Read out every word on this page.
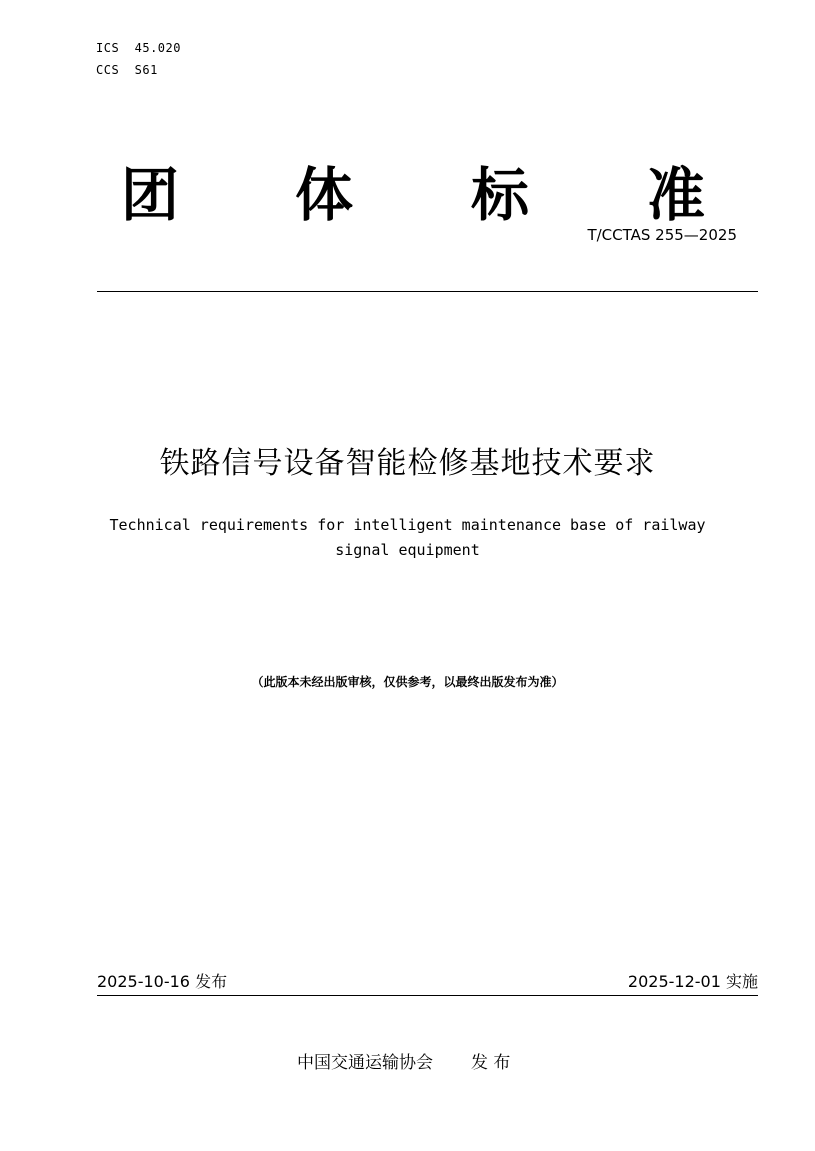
ICS  45.020
CCS  S61
团 体 标 准
T/CCTAS 255—2025
铁路信号设备智能检修基地技术要求
Technical requirements for intelligent maintenance base of railway
signal equipment
（此版本未经出版审核，仅供参考，以最终出版发布为准）
2025-10-16 发布	2025-12-01 实施
中国交通运输协会 发 布
